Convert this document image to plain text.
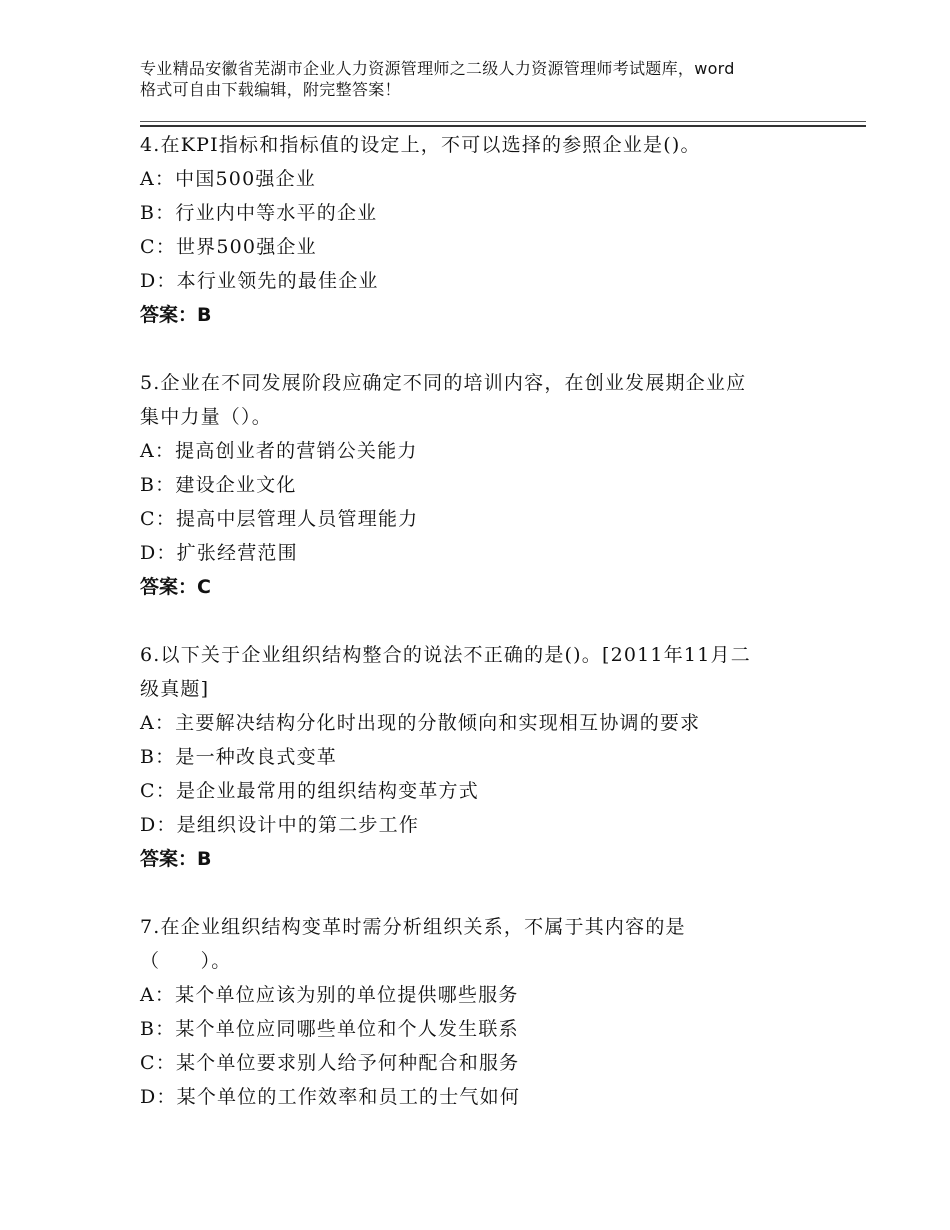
专业精品安徽省芜湖市企业人力资源管理师之二级人力资源管理师考试题库，word
格式可自由下载编辑，附完整答案！

4.在KPI指标和指标值的设定上，不可以选择的参照企业是()。

A：中国500强企业

B：行业内中等水平的企业

C：世界500强企业

D：本行业领先的最佳企业

答案：B

5.企业在不同发展阶段应确定不同的培训内容，在创业发展期企业应

集中力量（）。

A：提高创业者的营销公关能力

B：建设企业文化

C：提高中层管理人员管理能力

D：扩张经营范围

答案：C

6.以下关于企业组织结构整合的说法不正确的是()。[2011年11月二

级真题]

A：主要解决结构分化时出现的分散倾向和实现相互协调的要求

B：是一种改良式变革

C：是企业最常用的组织结构变革方式

D：是组织设计中的第二步工作

答案：B

7.在企业组织结构变革时需分析组织关系，不属于其内容的是

（　　）。

A：某个单位应该为别的单位提供哪些服务

B：某个单位应同哪些单位和个人发生联系

C：某个单位要求别人给予何种配合和服务

D：某个单位的工作效率和员工的士气如何
